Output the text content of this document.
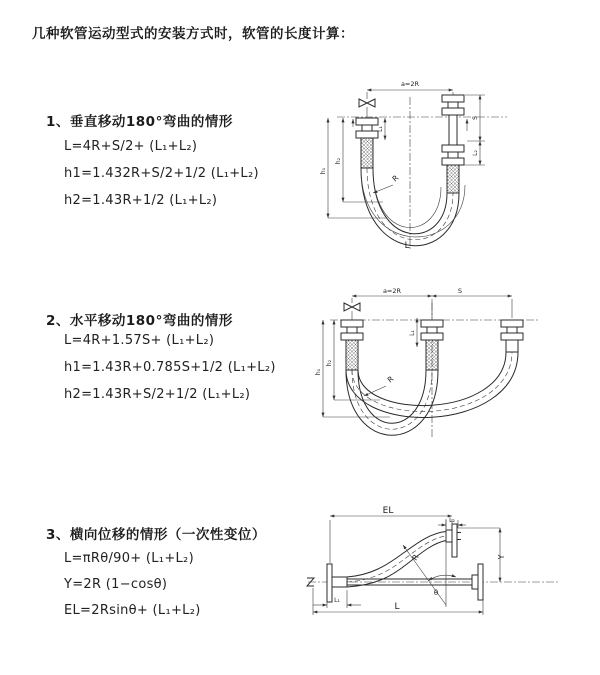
几种软管运动型式的安装方式时，软管的长度计算：
1、垂直移动180°弯曲的情形
L=4R+S/2+ (L₁+L₂)
h1=1.432R+S/2+1/2 (L₁+L₂)
h2=1.43R+1/2 (L₁+L₂)
2、水平移动180°弯曲的情形
L=4R+1.57S+ (L₁+L₂)
h1=1.43R+0.785S+1/2 (L₁+L₂)
h2=1.43R+S/2+1/2 (L₁+L₂)
3、横向位移的情形（一次性变位）
L=πRθ/90+ (L₁+L₂)
Y=2R (1−cosθ)
EL=2Rsinθ+ (L₁+L₂)
a=2R
h₁
h₂
L₁
S
L₂
R
L
a=2R	S
h₁
h₂
L₁
R
EL
L₂
Y
L₁
L
θ
R
